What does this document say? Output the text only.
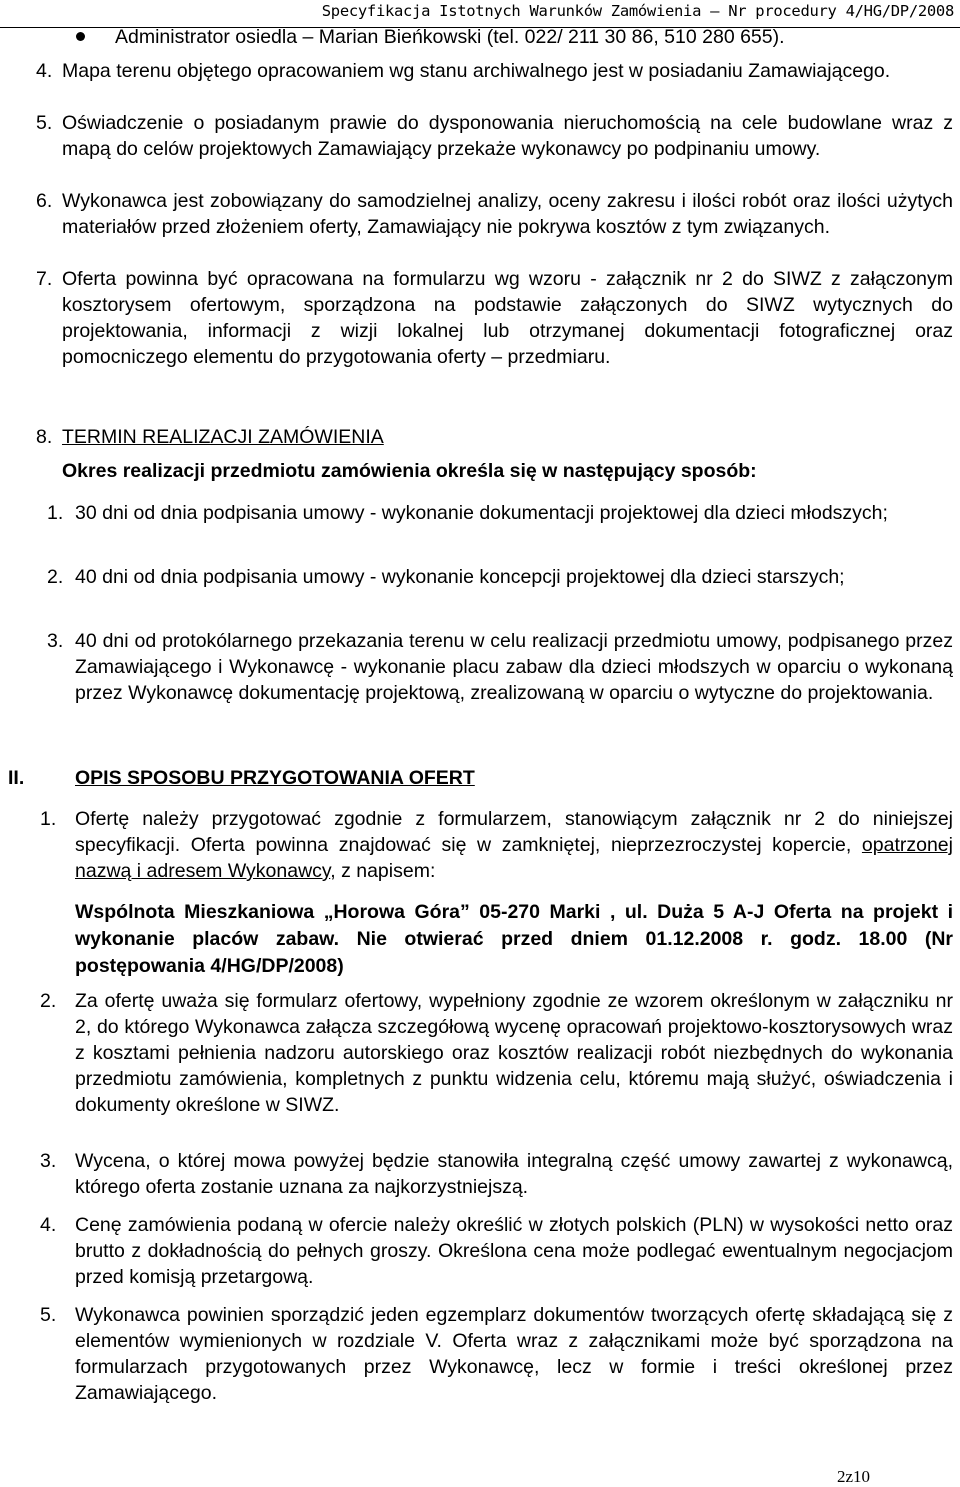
Specyfikacja Istotnych Warunków Zamówienia – Nr procedury 4/HG/DP/2008

Administrator osiedla – Marian Bieńkowski (tel. 022/ 211 30 86, 510 280 655).

4. Mapa terenu objętego opracowaniem wg stanu archiwalnego jest w posiadaniu Zamawiającego.

5. Oświadczenie o posiadanym prawie do dysponowania nieruchomością na cele budowlane wraz z mapą do celów projektowych Zamawiający przekaże wykonawcy po podpinaniu umowy.

6. Wykonawca jest zobowiązany do samodzielnej analizy, oceny zakresu i ilości robót oraz ilości użytych materiałów przed złożeniem oferty, Zamawiający nie pokrywa kosztów z tym związanych.

7. Oferta powinna być opracowana na formularzu wg wzoru - załącznik nr 2 do SIWZ z załączonym kosztorysem ofertowym, sporządzona na podstawie załączonych do SIWZ wytycznych do projektowania, informacji z wizji lokalnej lub otrzymanej dokumentacji fotograficznej oraz pomocniczego elementu do przygotowania oferty – przedmiaru.

8. TERMIN REALIZACJI ZAMÓWIENIA

Okres realizacji przedmiotu zamówienia określa się w następujący sposób:

1. 30 dni od dnia podpisania umowy - wykonanie dokumentacji projektowej dla dzieci młodszych;

2. 40 dni od dnia podpisania umowy - wykonanie koncepcji projektowej dla dzieci starszych;

3. 40 dni od protokólarnego przekazania terenu w celu realizacji przedmiotu umowy, podpisanego przez Zamawiającego i Wykonawcę - wykonanie placu zabaw dla dzieci młodszych w oparciu o wykonaną przez Wykonawcę dokumentację projektową, zrealizowaną w oparciu o wytyczne do projektowania.

II.	OPIS SPOSOBU PRZYGOTOWANIA OFERT
1. Ofertę należy przygotować zgodnie z formularzem, stanowiącym załącznik nr 2 do niniejszej specyfikacji. Oferta powinna znajdować się w zamkniętej, nieprzezroczystej kopercie, opatrzonej nazwą i adresem Wykonawcy, z napisem:

Wspólnota Mieszkaniowa „Horowa Góra” 05-270 Marki , ul. Duża 5 A-J Oferta na projekt i wykonanie placów zabaw. Nie otwierać przed dniem 01.12.2008 r. godz. 18.00 (Nr postępowania 4/HG/DP/2008)

2. Za ofertę uważa się formularz ofertowy, wypełniony zgodnie ze wzorem określonym w załączniku nr 2, do którego Wykonawca załącza szczegółową wycenę opracowań projektowo-kosztorysowych wraz z kosztami pełnienia nadzoru autorskiego oraz kosztów realizacji robót niezbędnych do wykonania przedmiotu zamówienia, kompletnych z punktu widzenia celu, któremu mają służyć, oświadczenia i dokumenty określone w SIWZ.

3. Wycena, o której mowa powyżej będzie stanowiła integralną część umowy zawartej z wykonawcą, którego oferta zostanie uznana za najkorzystniejszą.

4. Cenę zamówienia podaną w ofercie należy określić w złotych polskich (PLN) w wysokości netto oraz brutto z dokładnością do pełnych groszy. Określona cena może podlegać ewentualnym negocjacjom przed komisją przetargową.

5. Wykonawca powinien sporządzić jeden egzemplarz dokumentów tworzących ofertę składającą się z elementów wymienionych w rozdziale V. Oferta wraz z załącznikami może być sporządzona na formularzach przygotowanych przez Wykonawcę, lecz w formie i treści określonej przez Zamawiającego.

2z10
